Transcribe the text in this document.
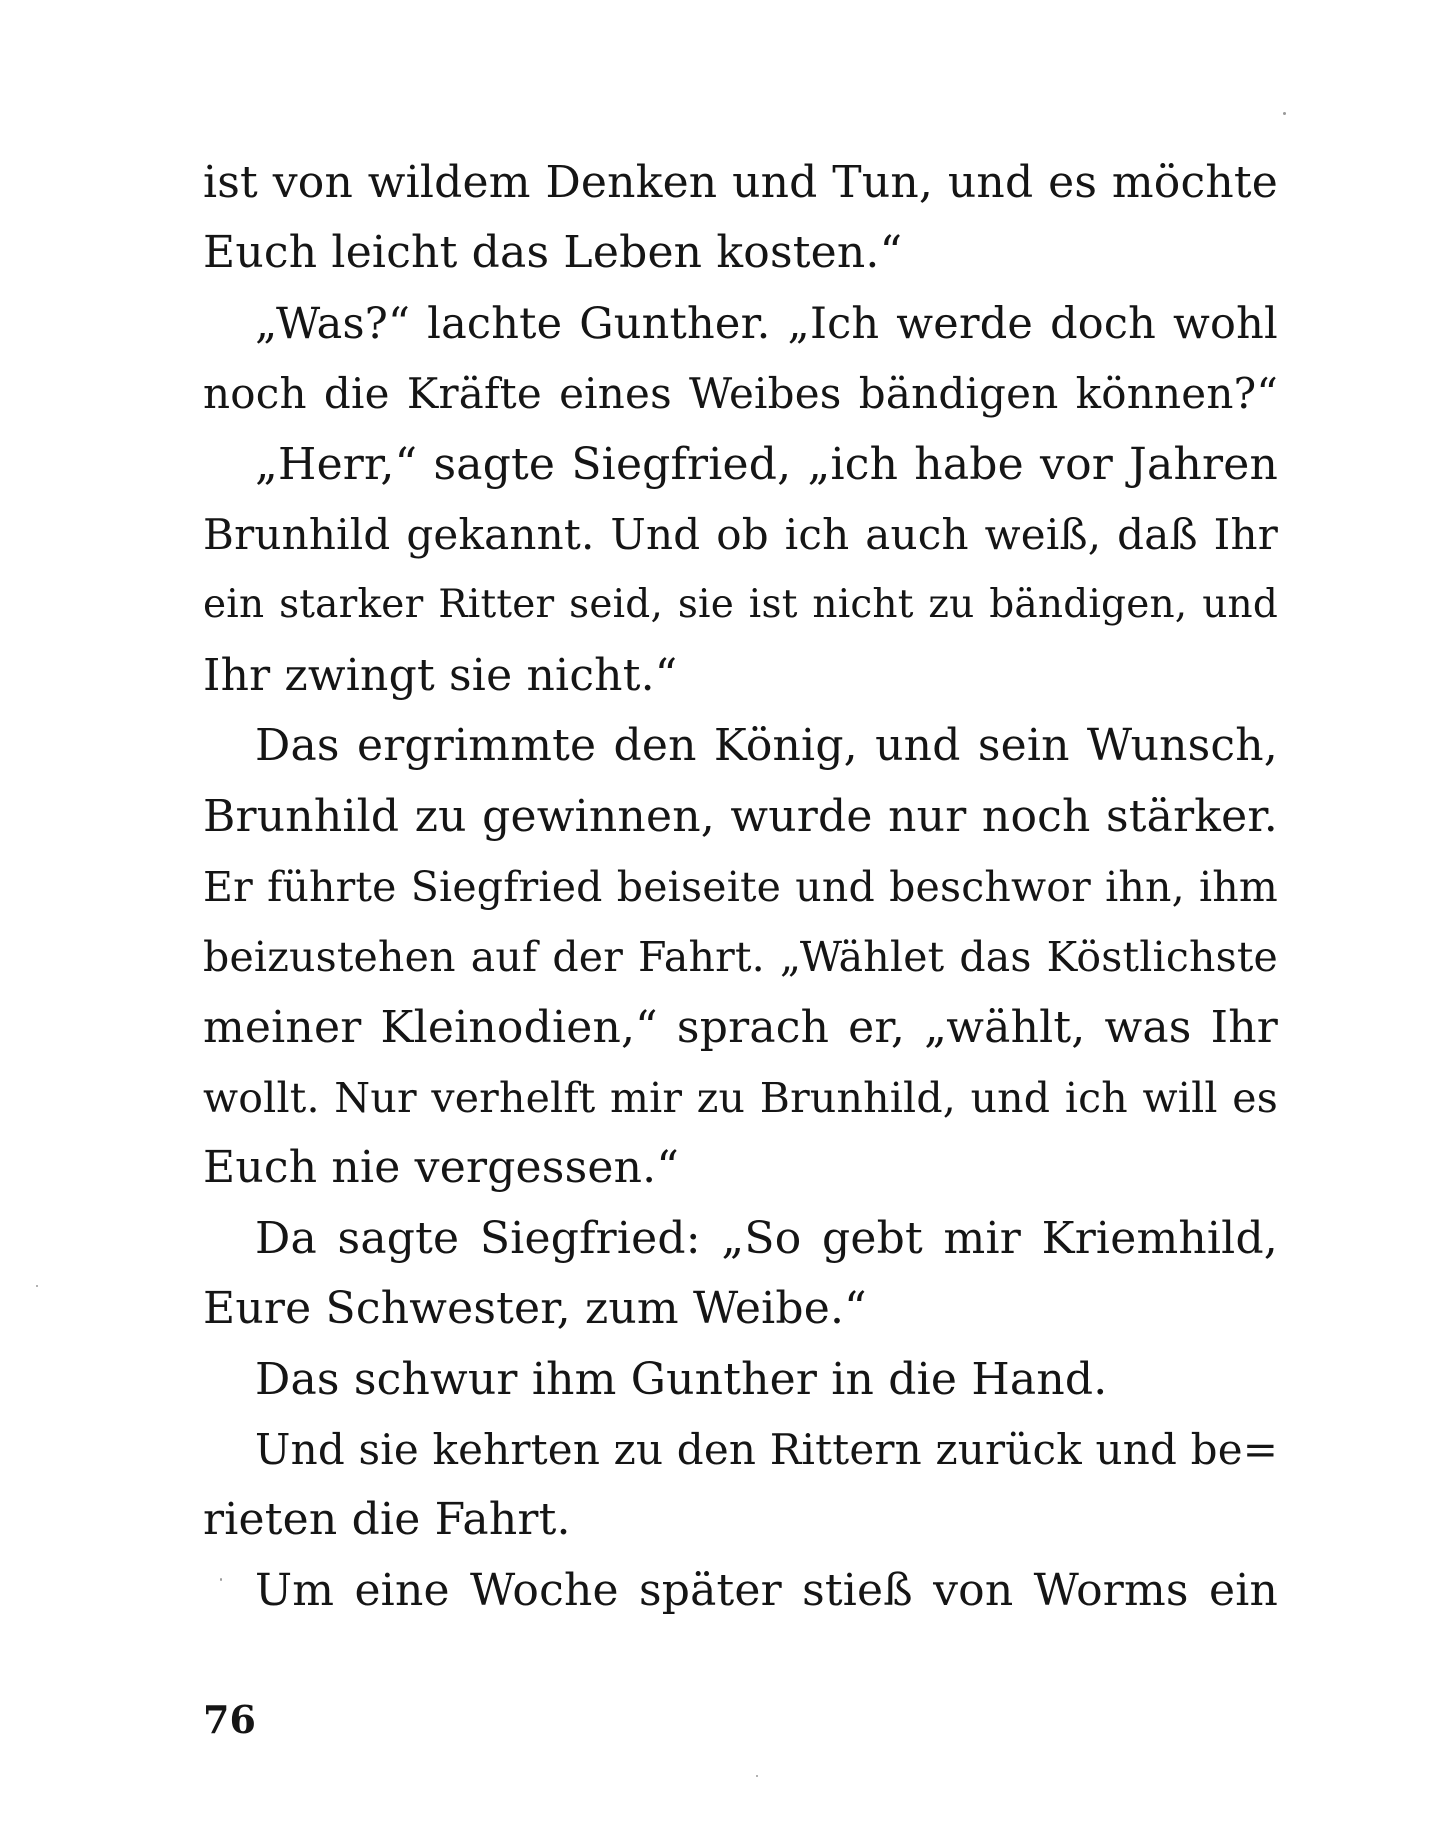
ist von wildem Denken und Tun, und es möchte
Euch leicht das Leben kosten.“
„Was?“ lachte Gunther. „Ich werde doch wohl
noch die Kräfte eines Weibes bändigen können?“
„Herr,“ sagte Siegfried, „ich habe vor Jahren
Brunhild gekannt. Und ob ich auch weiß, daß Ihr
ein starker Ritter seid, sie ist nicht zu bändigen, und
Ihr zwingt sie nicht.“
Das ergrimmte den König, und sein Wunsch,
Brunhild zu gewinnen, wurde nur noch stärker.
Er führte Siegfried beiseite und beschwor ihn, ihm
beizustehen auf der Fahrt. „Wählet das Köstlichste
meiner Kleinodien,“ sprach er, „wählt, was Ihr
wollt. Nur verhelft mir zu Brunhild, und ich will es
Euch nie vergessen.“
Da sagte Siegfried: „So gebt mir Kriemhild,
Eure Schwester, zum Weibe.“
Das schwur ihm Gunther in die Hand.
Und sie kehrten zu den Rittern zurück und be=
rieten die Fahrt.
Um eine Woche später stieß von Worms ein
76
